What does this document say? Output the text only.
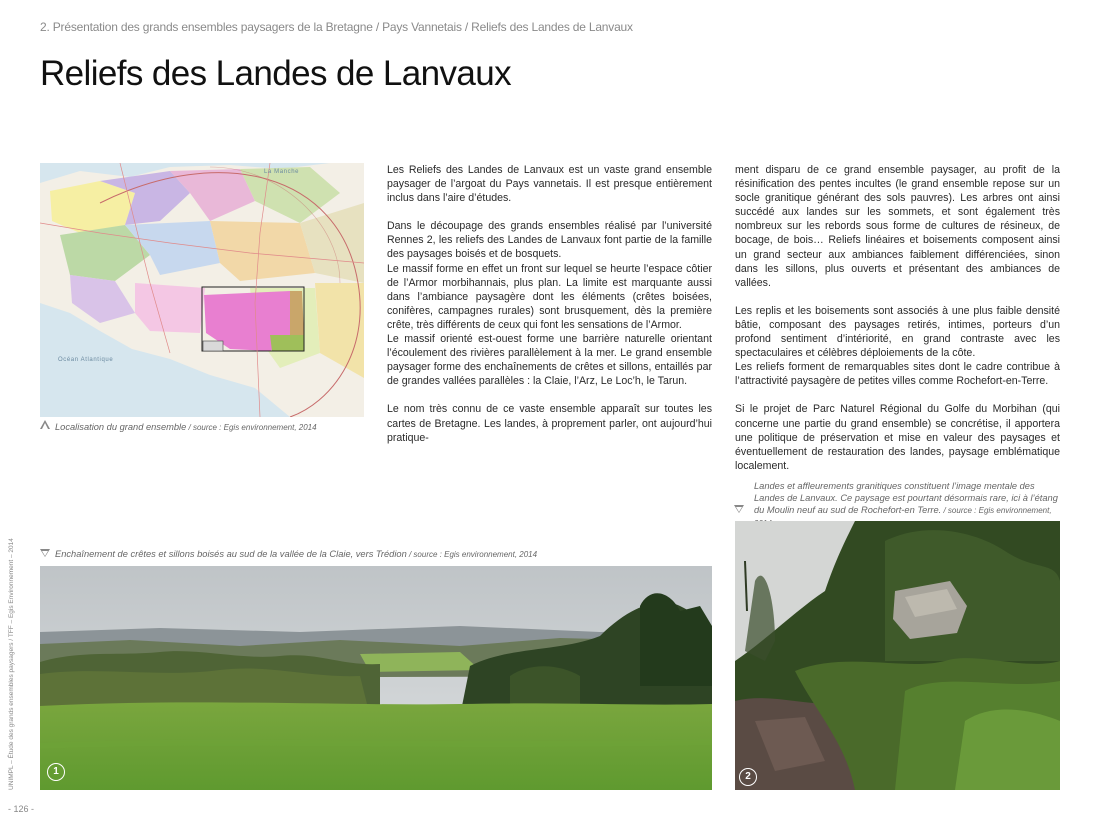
2. Présentation des grands ensembles paysagers de la Bretagne / Pays Vannetais / Reliefs des Landes de Lanvaux
Reliefs des Landes de Lanvaux
La Manche
Océan Atlantique
Localisation du grand ensemble / source : Egis environnement, 2014

Les Reliefs des Landes de Lanvaux est un vaste grand ensemble paysager de l’argoat du Pays vannetais. Il est presque entièrement inclus dans l’aire d’études.

Dans le découpage des grands ensembles réalisé par l’université Rennes 2, les reliefs des Landes de Lanvaux font partie de la famille des paysages boisés et de bosquets.

Le massif forme en effet un front sur lequel se heurte l’espace côtier de l’Armor morbihannais, plus plan. La limite est marquante aussi dans l’ambiance paysagère dont les éléments (crêtes boisées, conifères, campagnes rurales) sont brusquement, dès la première crête, très différents de ceux qui font les sensations de l’Armor.

Le massif orienté est-ouest forme une barrière naturelle orientant l’écoulement des rivières parallèlement à la mer. Le grand ensemble paysager forme des enchaînements de crêtes et sillons, entaillés par de grandes vallées parallèles : la Claie, l’Arz, Le Loc’h, le Tarun.

Le nom très connu de ce vaste ensemble apparaît sur toutes les cartes de Bretagne. Les landes, à proprement parler, ont aujourd’hui pratique-

ment disparu de ce grand ensemble paysager, au profit de la résinification des pentes incultes (le grand ensemble repose sur un socle granitique générant des sols pauvres). Les arbres ont ainsi succédé aux landes sur les sommets, et sont également très nombreux sur les rebords sous forme de cultures de résineux, de bocage, de bois… Reliefs linéaires et boisements composent ainsi un grand secteur aux ambiances faiblement différenciées, sinon dans les sillons, plus ouverts et présentant des ambiances de vallées.

Les replis et les boisements sont associés à une plus faible densité bâtie, composant des paysages retirés, intimes, porteurs d’un profond sentiment d’intériorité, en grand contraste avec les spectaculaires et célèbres déploiements de la côte.

Les reliefs forment de remarquables sites dont le cadre contribue à l’attractivité paysagère de petites villes comme Rochefort-en-Terre.

Si le projet de Parc Naturel Régional du Golfe du Morbihan (qui concerne une partie du grand ensemble) se concrétise, il apportera une politique de préservation et mise en valeur des paysages et éventuellement de restauration des landes, paysage emblématique localement.

Landes et affleurements granitiques constituent l’image mentale des Landes de Lanvaux. Ce paysage est pourtant désormais rare, ici à l’étang du Moulin neuf au sud de Rochefort-en Terre. / source : Egis environnement,
Enchaînement de crêtes et sillons boisés au sud de la vallée de la Claie, vers Trédion / source : Egis environnement, 2014
1	2
UNIMPL – Étude des grands ensembles paysagers / TFF – Egis Environnement – 2014
- 126 -
